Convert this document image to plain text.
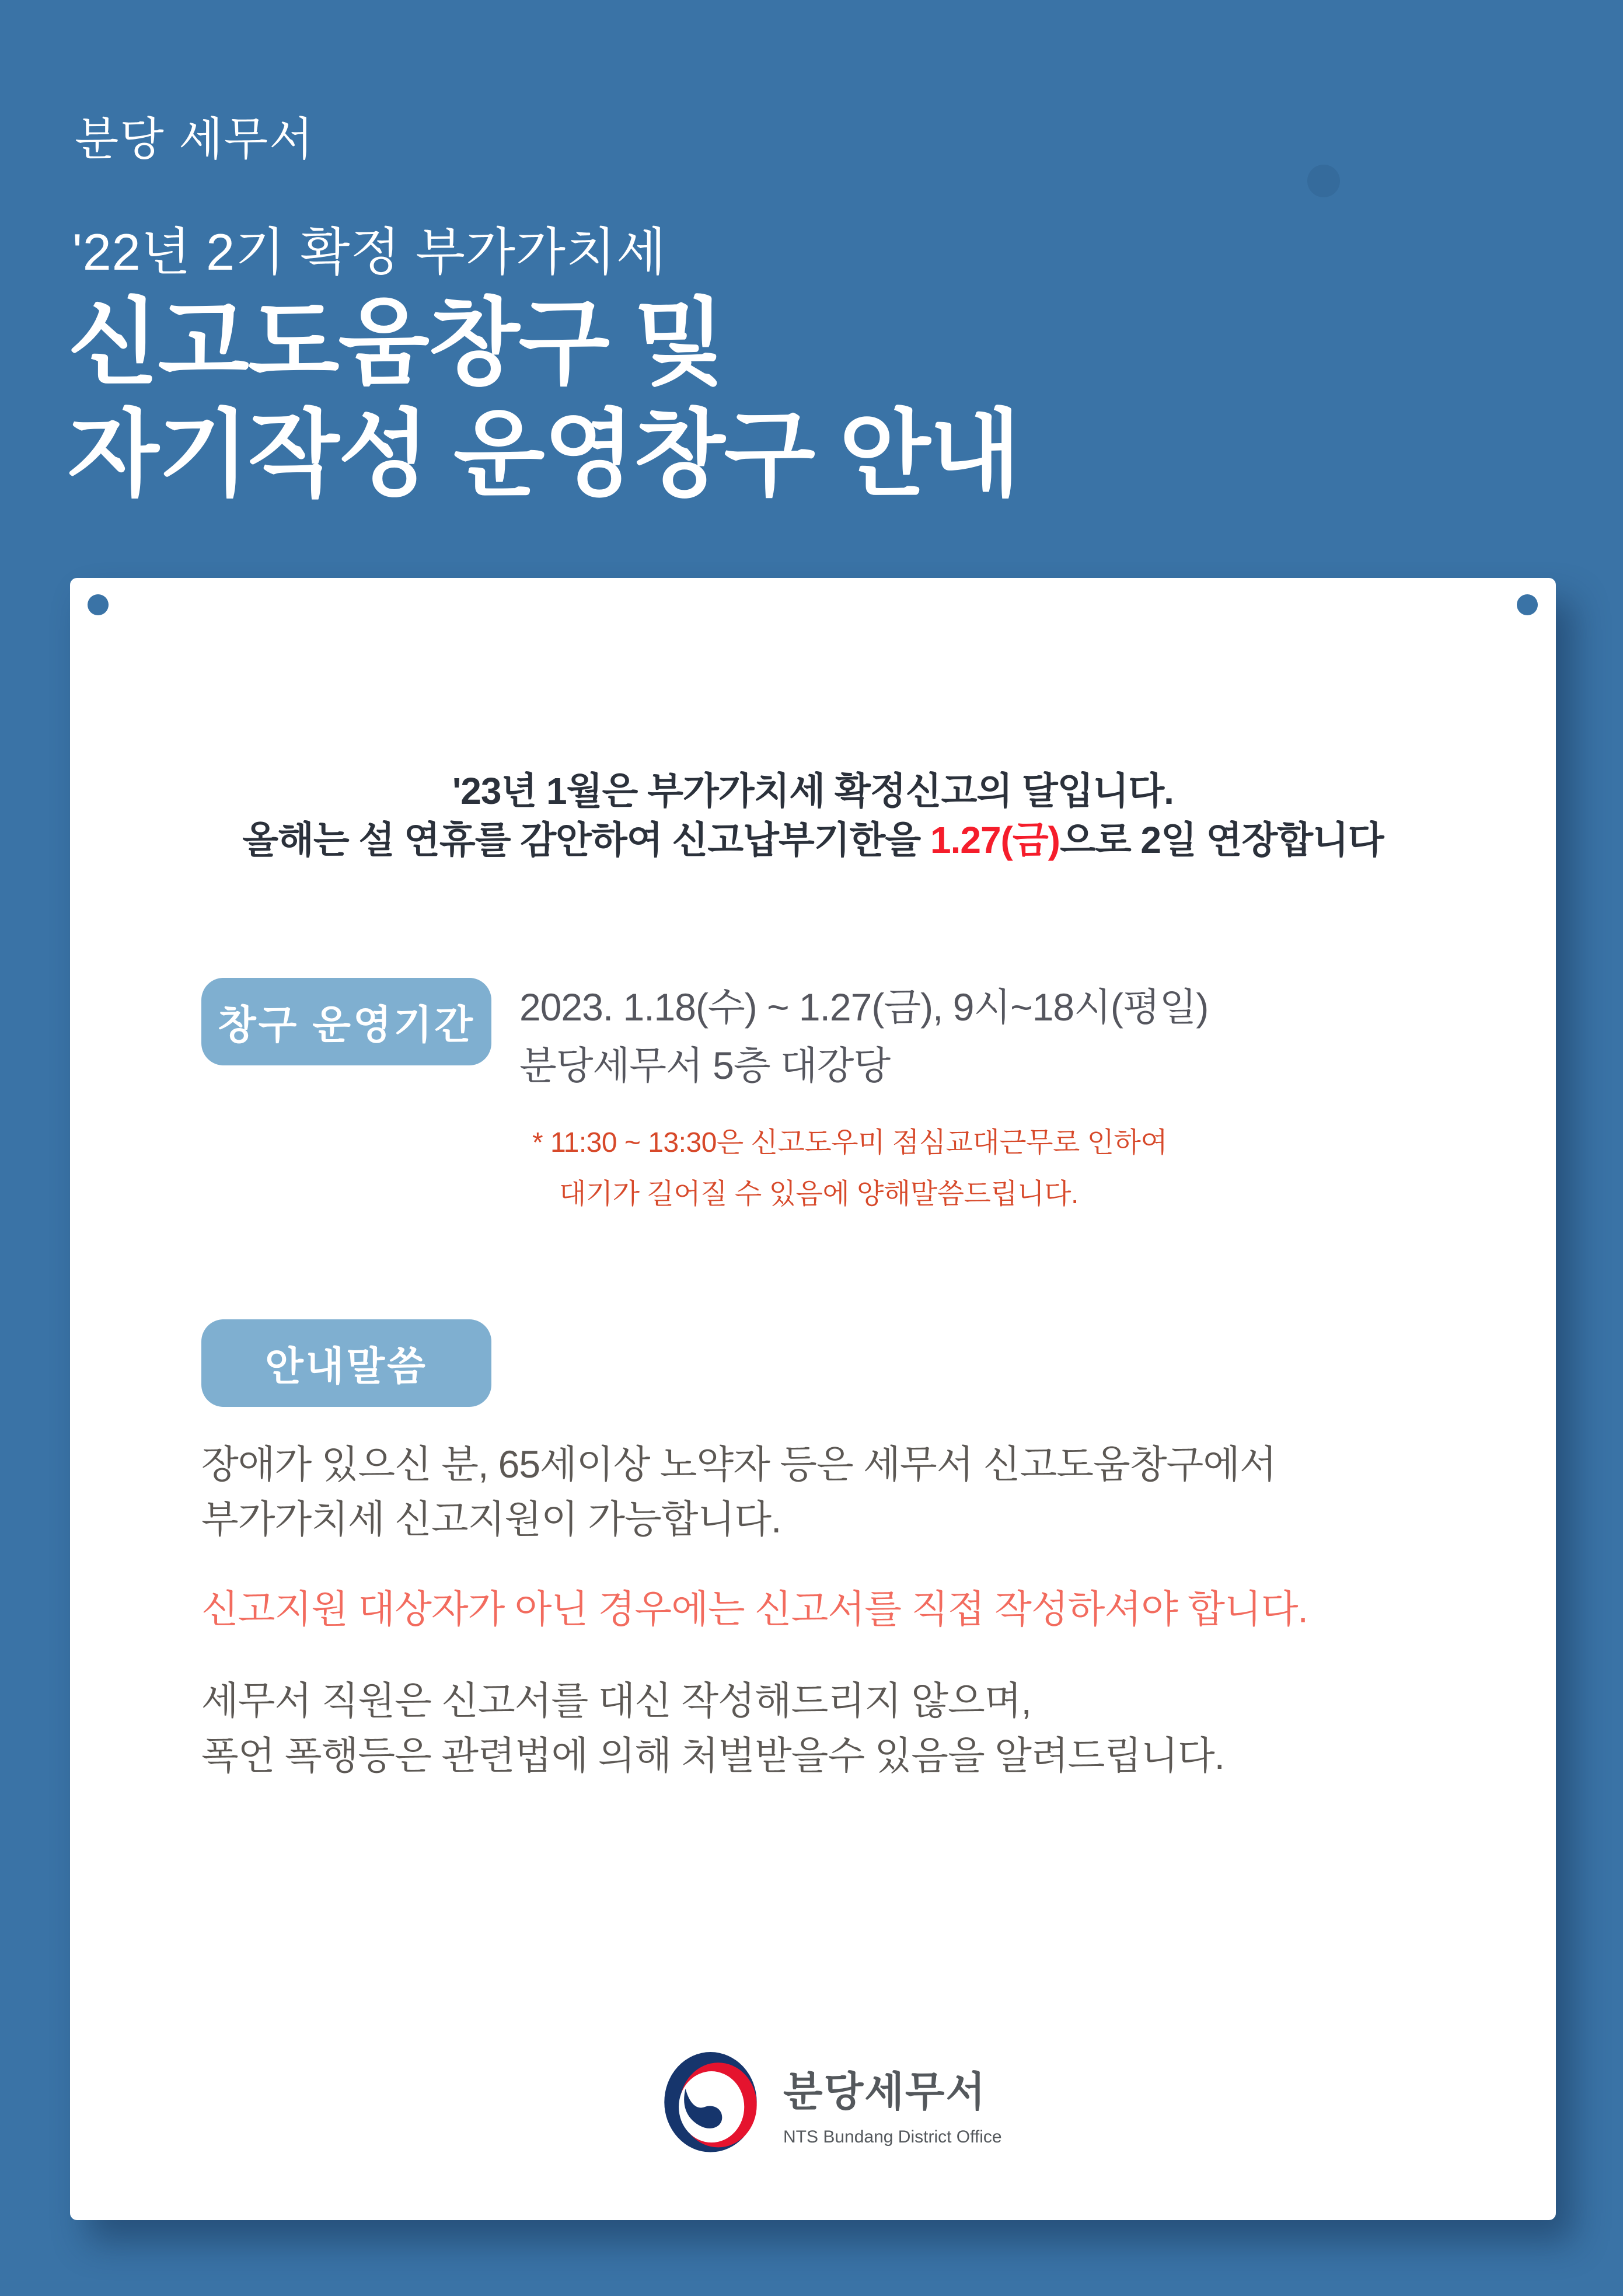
분당 세무서
'22년 2기 확정 부가가치세
신고도움창구 및
자기작성 운영창구 안내
'23년 1월은 부가가치세 확정신고의 달입니다.
올해는 설 연휴를 감안하여 신고납부기한을 1.27(금)으로 2일 연장합니다
창구 운영기간	2023. 1.18(수) ~ 1.27(금), 9시~18시(평일)
분당세무서 5층 대강당
* 11:30 ~ 13:30은 신고도우미 점심교대근무로 인하여
대기가 길어질 수 있음에 양해말씀드립니다.
안내말씀
장애가 있으신 분, 65세이상 노약자 등은 세무서 신고도움창구에서
부가가치세 신고지원이 가능합니다.
신고지원 대상자가 아닌 경우에는 신고서를 직접 작성하셔야 합니다.
세무서 직원은 신고서를 대신 작성해드리지 않으며,
폭언 폭행등은 관련법에 의해 처벌받을수 있음을 알려드립니다.
분당세무서
NTS Bundang District Office
